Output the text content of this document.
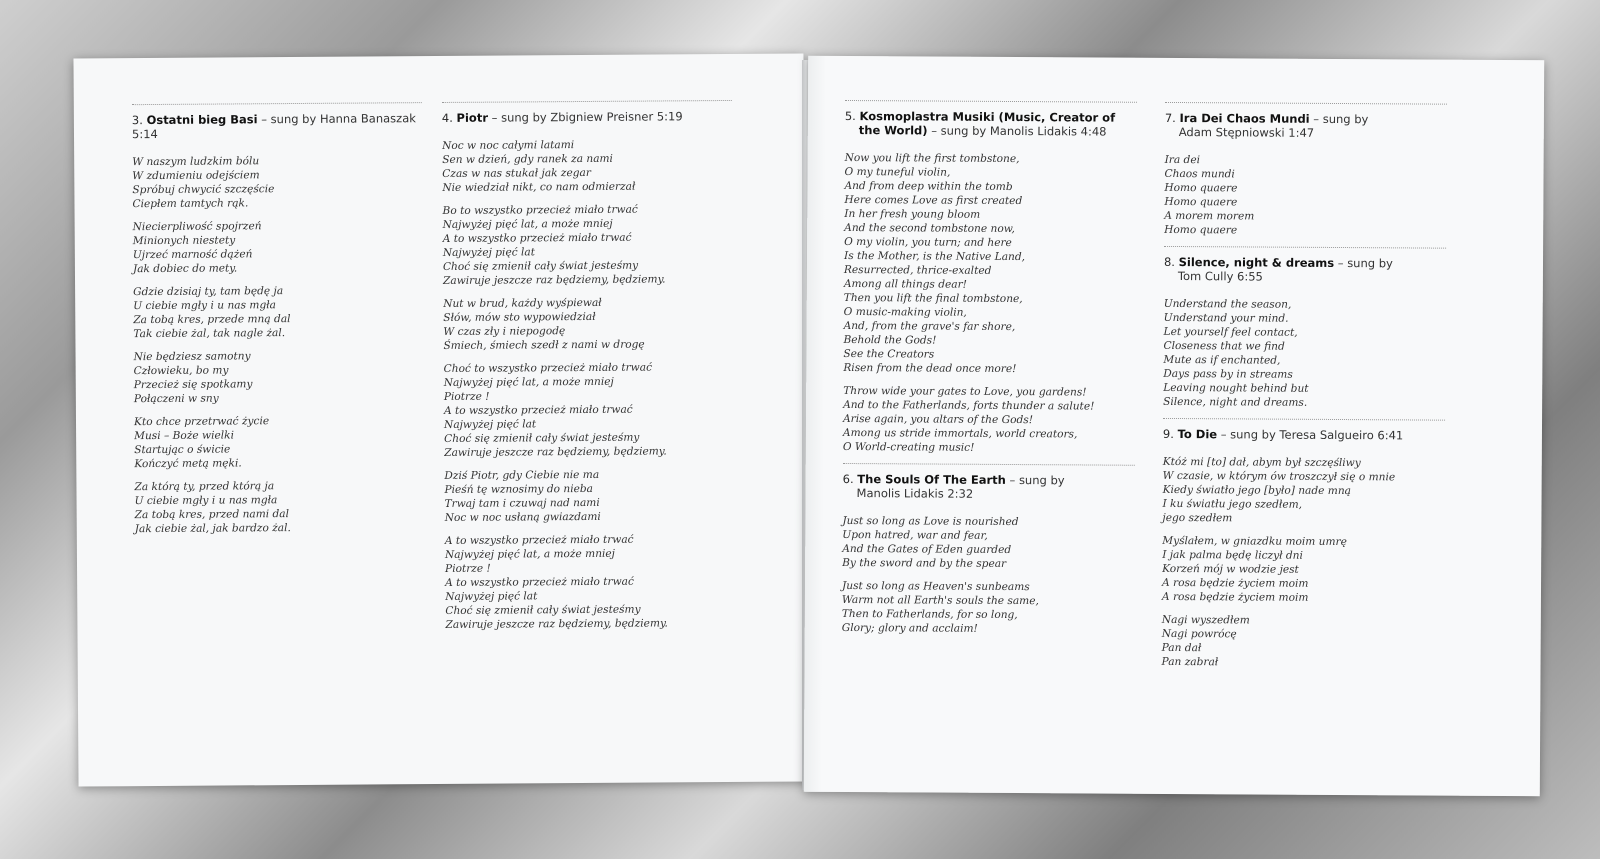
3. Ostatni bieg Basi – sung by Hanna Banaszak 5:14
W naszym ludzkim bólu
W zdumieniu odejściem
Spróbuj chwycić szczęście
Ciepłem tamtych rąk.
Niecierpliwość spojrzeń
Minionych niestety
Ujrzeć marność dążeń
Jak dobiec do mety.
Gdzie dzisiaj ty, tam będę ja
U ciebie mgły i u nas mgła
Za tobą kres, przede mną dal
Tak ciebie żal, tak nagle żal.
Nie będziesz samotny
Człowieku, bo my
Przecież się spotkamy
Połączeni w sny
Kto chce przetrwać życie
Musi – Boże wielki
Startując o świcie
Kończyć metą męki.
Za którą ty, przed którą ja
U ciebie mgły i u nas mgła
Za tobą kres, przed nami dal
Jak ciebie żal, jak bardzo żal.
4. Piotr – sung by Zbigniew Preisner 5:19
Noc w noc całymi latami
Sen w dzień, gdy ranek za nami
Czas w nas stukał jak zegar
Nie wiedział nikt, co nam odmierzał
Bo to wszystko przecież miało trwać
Najwyżej pięć lat, a może mniej
A to wszystko przecież miało trwać
Najwyżej pięć lat
Choć się zmienił cały świat jesteśmy
Zawiruje jeszcze raz będziemy, będziemy.
Nut w brud, każdy wyśpiewał
Słów, mów sto wypowiedział
W czas zły i niepogodę
Śmiech, śmiech szedł z nami w drogę
Choć to wszystko przecież miało trwać
Najwyżej pięć lat, a może mniej
Piotrze !
A to wszystko przecież miało trwać
Najwyżej pięć lat
Choć się zmienił cały świat jesteśmy
Zawiruje jeszcze raz będziemy, będziemy.
Dziś Piotr, gdy Ciebie nie ma
Pieśń tę wznosimy do nieba
Trwaj tam i czuwaj nad nami
Noc w noc usłaną gwiazdami
A to wszystko przecież miało trwać
Najwyżej pięć lat, a może mniej
Piotrze !
A to wszystko przecież miało trwać
Najwyżej pięć lat
Choć się zmienił cały świat jesteśmy
Zawiruje jeszcze raz będziemy, będziemy.
5. Kosmoplastra Musiki (Music, Creator of
the World) – sung by Manolis Lidakis 4:48
Now you lift the first tombstone,
O my tuneful violin,
And from deep within the tomb
Here comes Love as first created
In her fresh young bloom
And the second tombstone now,
O my violin, you turn; and here
Is the Mother, is the Native Land,
Resurrected, thrice-exalted
Among all things dear!
Then you lift the final tombstone,
O music-making violin,
And, from the grave's far shore,
Behold the Gods!
See the Creators
Risen from the dead once more!
Throw wide your gates to Love, you gardens!
And to the Fatherlands, forts thunder a salute!
Arise again, you altars of the Gods!
Among us stride immortals, world creators,
O World-creating music!
6. The Souls Of The Earth – sung by
Manolis Lidakis 2:32
Just so long as Love is nourished
Upon hatred, war and fear,
And the Gates of Eden guarded
By the sword and by the spear
Just so long as Heaven's sunbeams
Warm not all Earth's souls the same,
Then to Fatherlands, for so long,
Glory; glory and acclaim!
7. Ira Dei Chaos Mundi – sung by
Adam Stępniowski 1:47
Ira dei
Chaos mundi
Homo quaere
Homo quaere
A morem morem
Homo quaere
8. Silence, night & dreams – sung by
Tom Cully 6:55
Understand the season,
Understand your mind.
Let yourself feel contact,
Closeness that we find
Mute as if enchanted,
Days pass by in streams
Leaving nought behind but
Silence, night and dreams.
9. To Die – sung by Teresa Salgueiro 6:41
Któż mi [to] dał, abym był szczęśliwy
W czasie, w którym ów troszczył się o mnie
Kiedy światło jego [było] nade mną
I ku światłu jego szedłem,
jego szedłem
Myślałem, w gniazdku moim umrę
I jak palma będę liczył dni
Korzeń mój w wodzie jest
A rosa będzie życiem moim
A rosa będzie życiem moim
Nagi wyszedłem
Nagi powrócę
Pan dał
Pan zabrał
